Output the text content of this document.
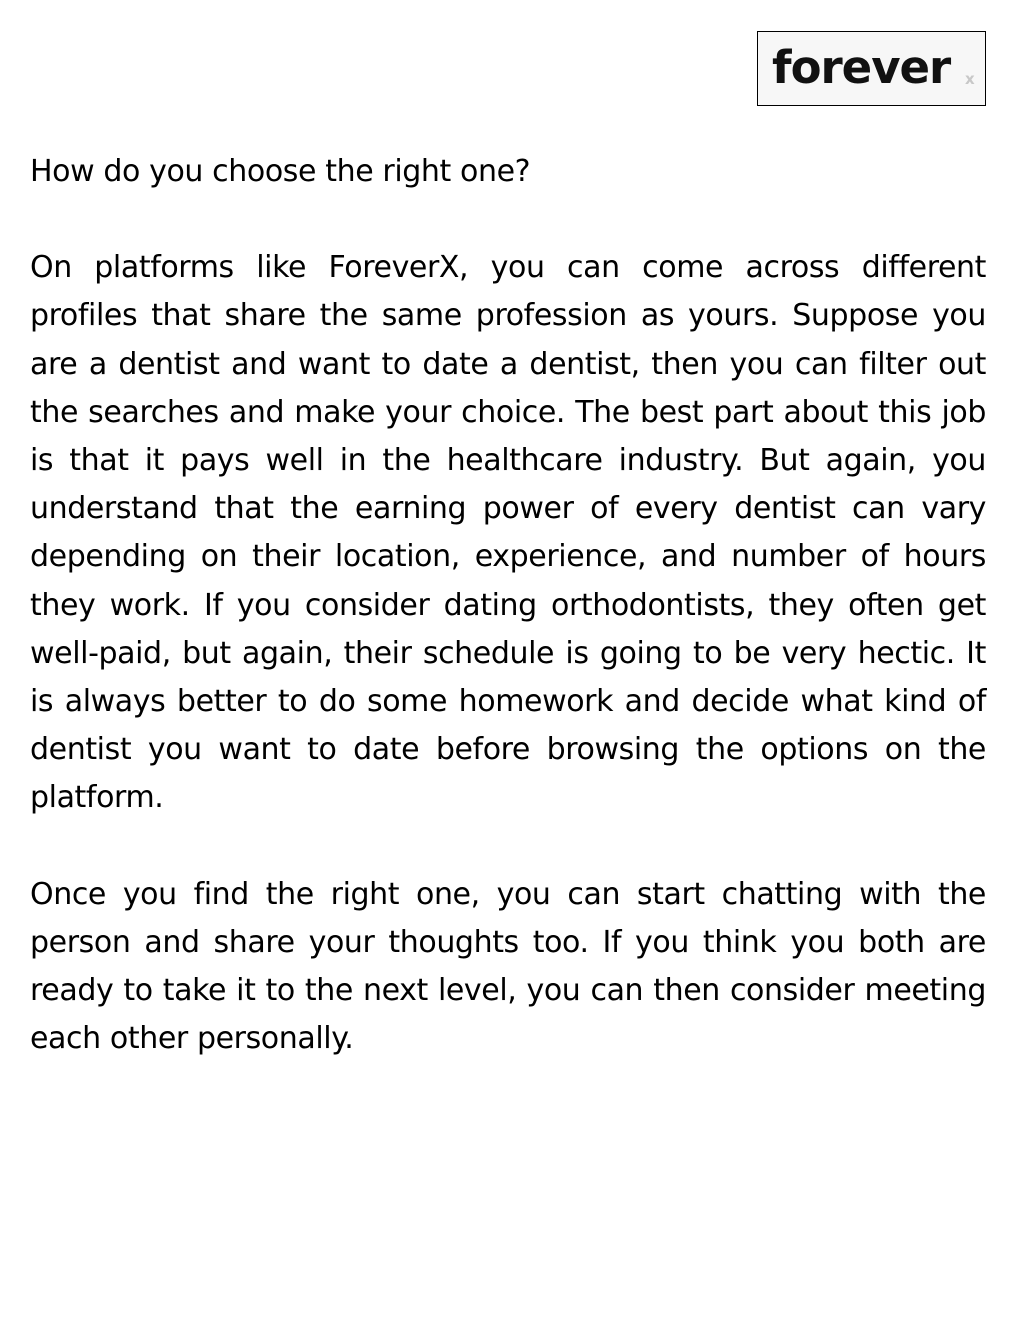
forever x

How do you choose the right one?

On platforms like ForeverX, you can come across different profiles that share the same profession as yours. Suppose you are a dentist and want to date a dentist, then you can filter out the searches and make your choice. The best part about this job is that it pays well in the healthcare industry. But again, you understand that the earning power of every dentist can vary depending on their location, experience, and number of hours they work. If you consider dating orthodontists, they often get well-paid, but again, their schedule is going to be very hectic. It is always better to do some homework and decide what kind of dentist you want to date before browsing the options on the platform.

Once you find the right one, you can start chatting with the person and share your thoughts too. If you think you both are ready to take it to the next level, you can then consider meeting each other personally.
